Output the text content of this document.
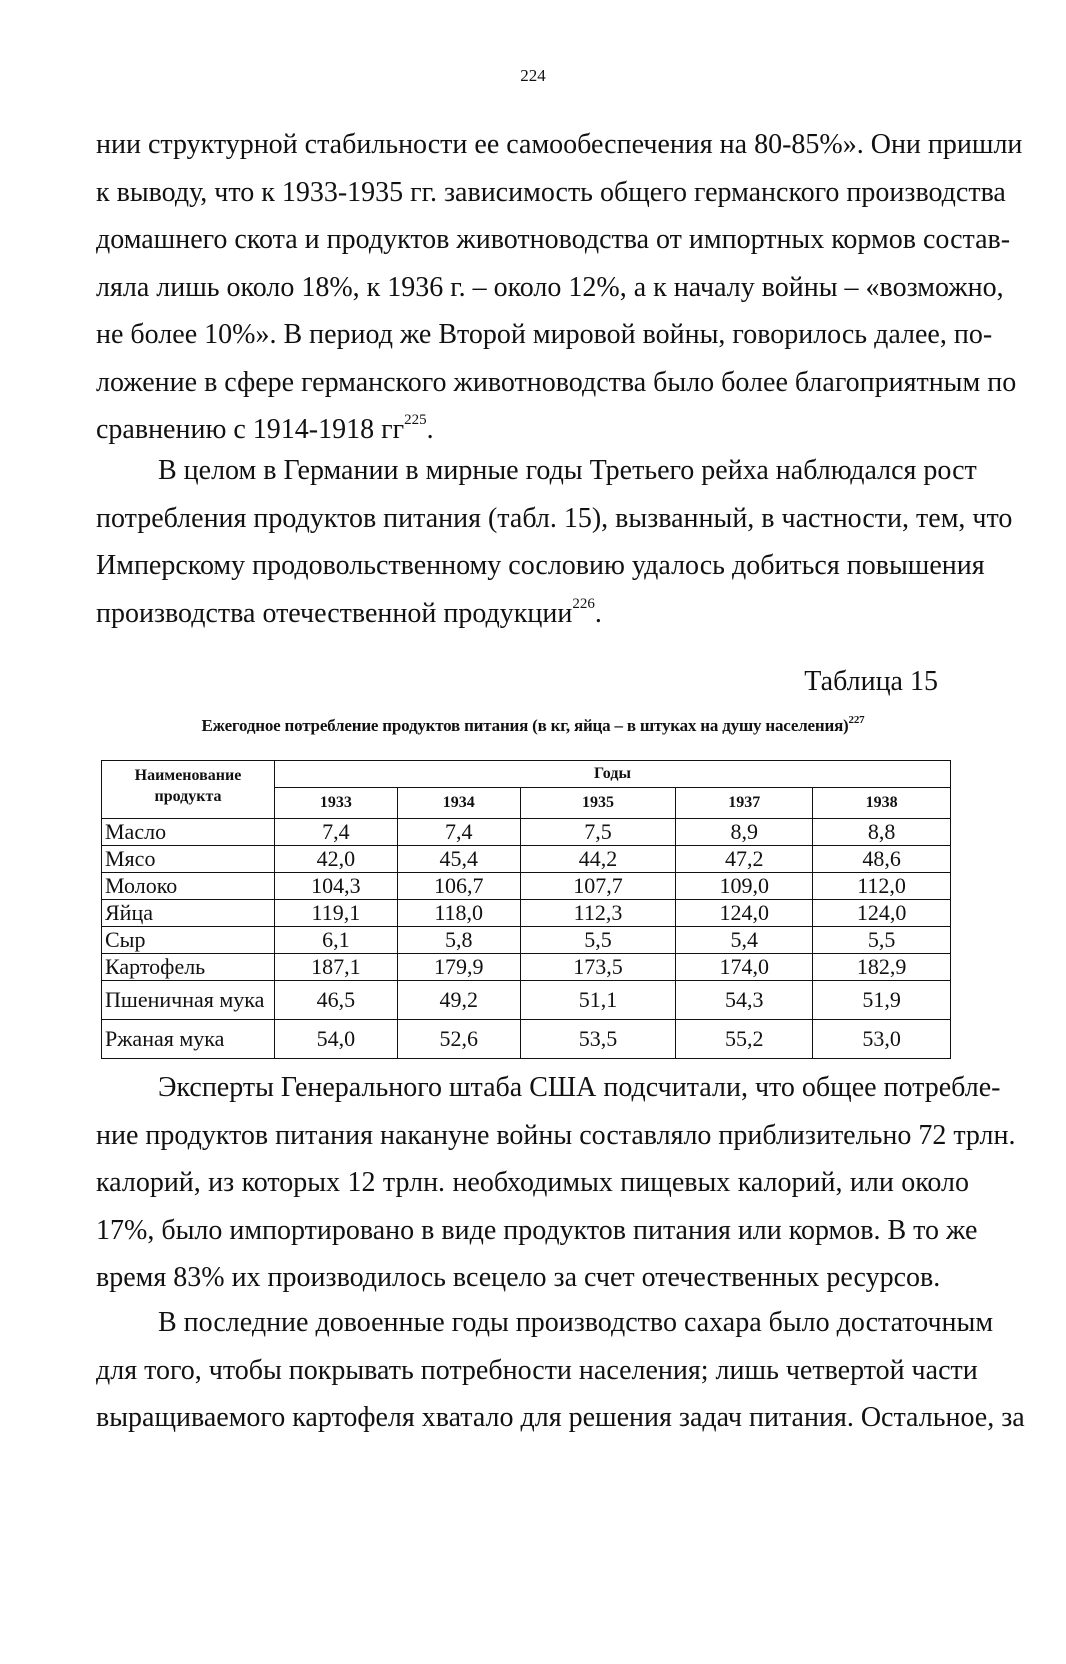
224
нии структурной стабильности ее самообеспечения на 80-85%». Они пришли
к выводу, что к 1933-1935 гг. зависимость общего германского производства
домашнего скота и продуктов животноводства от импортных кормов состав-
ляла лишь около 18%, к 1936 г. – около 12%, а к началу войны – «возможно,
не более 10%». В период же Второй мировой войны, говорилось далее, по-
ложение в сфере германского животноводства было более благоприятным по
сравнению с 1914-1918 $гг^{225}$.
В целом в Германии в мирные годы Третьего рейха наблюдался рост
потребления продуктов питания (табл. 15), вызванный, в частности, тем, что
Имперскому продовольственному сословию удалось добиться повышения
производства отечественной продукции$^{226}$.
Таблица 15
Ежегодное потребление продуктов питания (в кг, яйца – в штуках на душу населения)$^{227}$
Наименование
продукта	Годы				
	1933	1934	1935	1937	1938
Масло	7,4	7,4	7,5	8,9	8,8
Мясо	42,0	45,4	44,2	47,2	48,6
Молоко	104,3	106,7	107,7	109,0	112,0
Яйца	119,1	118,0	112,3	124,0	124,0
Сыр	6,1	5,8	5,5	5,4	5,5
Картофель	187,1	179,9	173,5	174,0	182,9
Пшеничная мука	46,5	49,2	51,1	54,3	51,9
Ржаная мука	54,0	52,6	53,5	55,2	53,0
Эксперты Генерального штаба США подсчитали, что общее потребле-
ние продуктов питания накануне войны составляло приблизительно 72 трлн.
калорий, из которых 12 трлн. необходимых пищевых калорий, или около
17%, было импортировано в виде продуктов питания или кормов. В то же
время 83% их производилось всецело за счет отечественных ресурсов.
В последние довоенные годы производство сахара было достаточным
для того, чтобы покрывать потребности населения; лишь четвертой части
выращиваемого картофеля хватало для решения задач питания. Остальное, за
